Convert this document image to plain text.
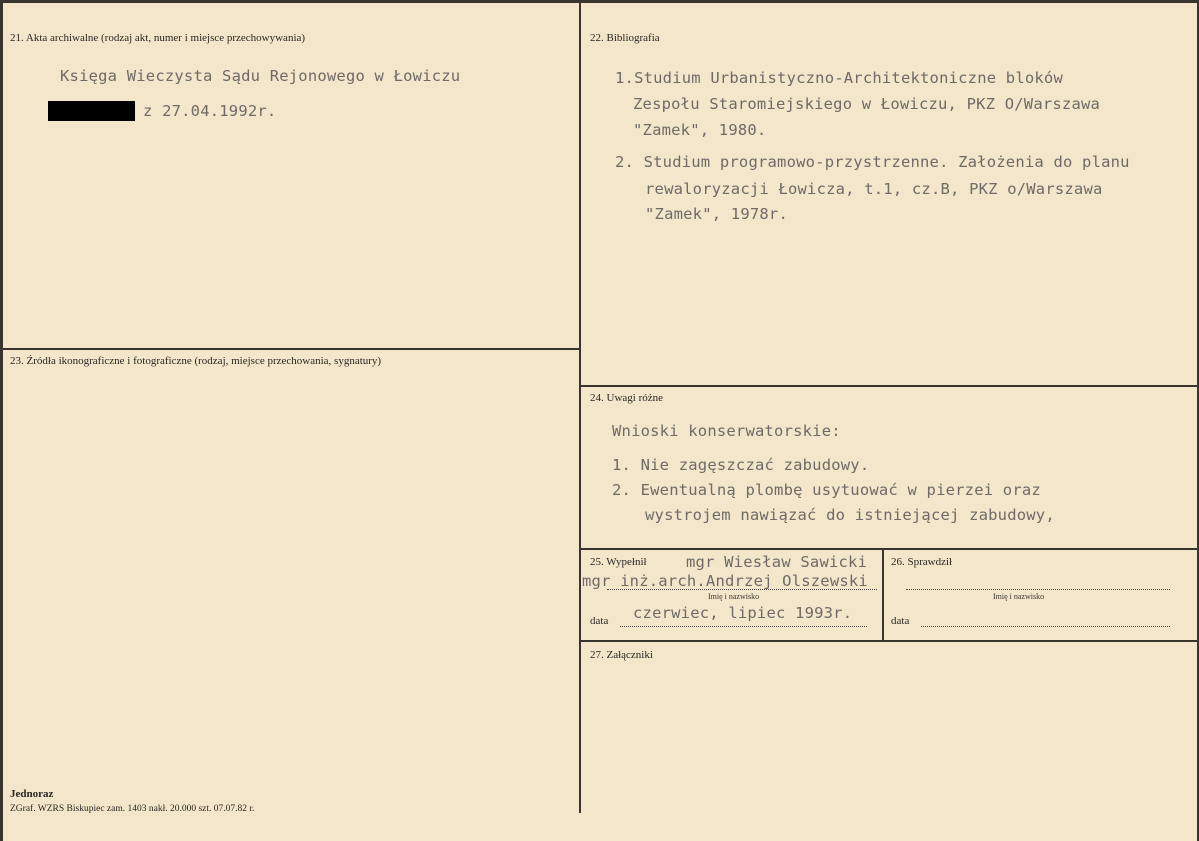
21. Akta archiwalne (rodzaj akt, numer i miejsce przechowywania)
Księga Wieczysta Sądu Rejonowego w Łowiczu
z 27.04.1992r.
22. Bibliografia
1.Studium Urbanistyczno-Architektoniczne bloków
Zespołu Staromiejskiego w Łowiczu, PKZ O/Warszawa
"Zamek", 1980.
2. Studium programowo-przystrzenne. Założenia do planu
rewaloryzacji Łowicza, t.1, cz.B, PKZ o/Warszawa
"Zamek", 1978r.
23. Źródła ikonograficzne i fotograficzne (rodzaj, miejsce przechowania, sygnatury)
24. Uwagi różne
Wnioski konserwatorskie:
1. Nie zagęszczać zabudowy.
2. Ewentualną plombę usytuować w pierzei oraz
wystrojem nawiązać do istniejącej zabudowy,
25. Wypełnił	mgr Wiesław Sawicki
mgr inż.arch.Andrzej Olszewski
Imię i nazwisko
data czerwiec, lipiec 1993r.
26. Sprawdził
Imię i nazwisko
data
27. Załączniki
Jednoraz
ZGraf. WZRS Biskupiec zam. 1403 nakł. 20.000 szt. 07.07.82 r.
